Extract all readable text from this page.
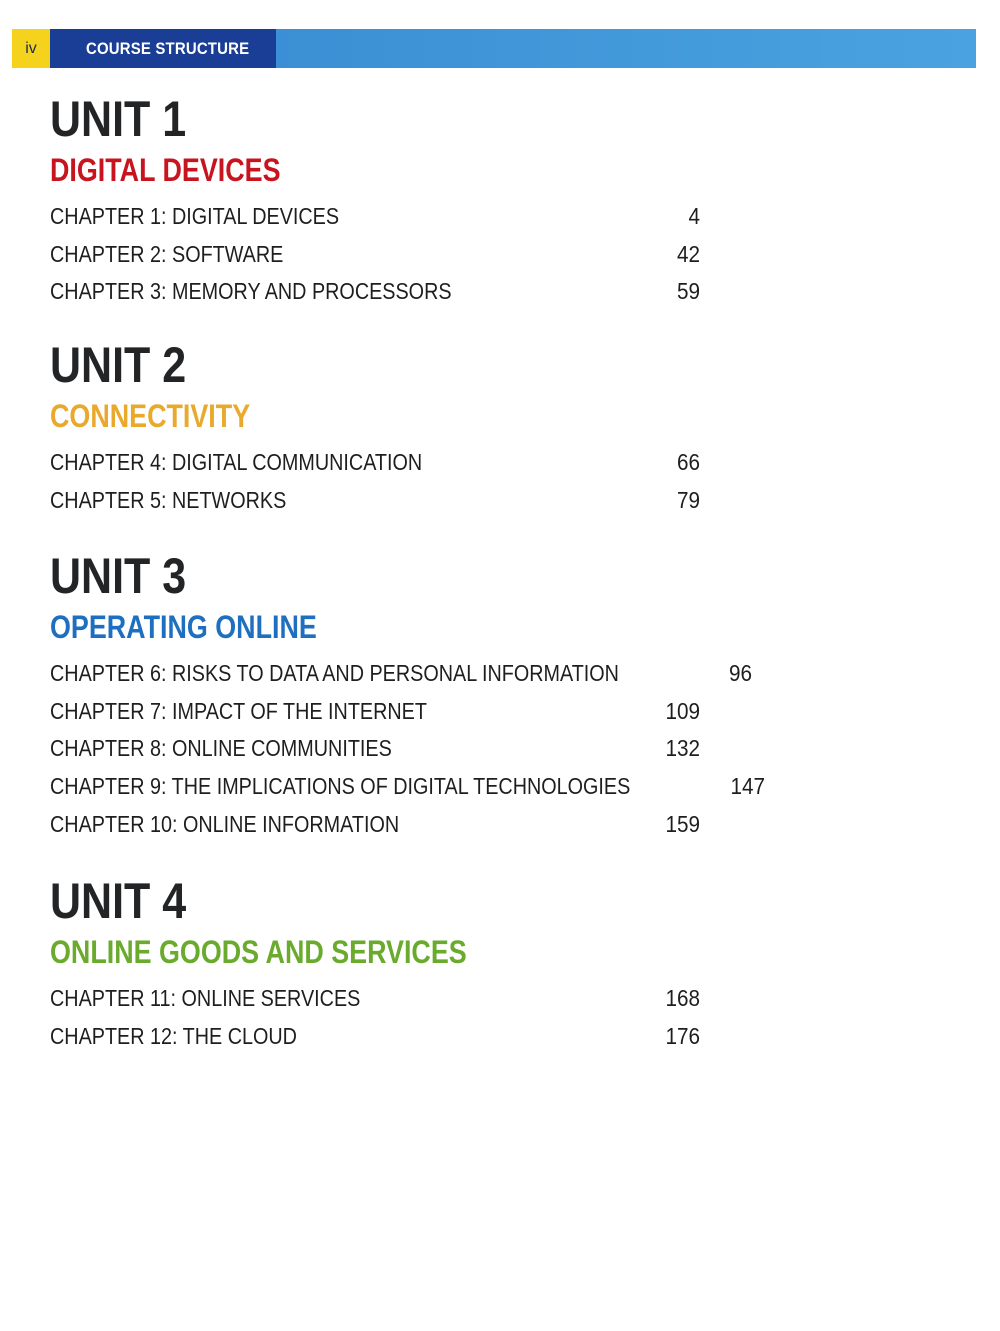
iv	COURSE STRUCTURE
UNIT 1
DIGITAL DEVICES
CHAPTER 1: DIGITAL DEVICES	4
CHAPTER 2: SOFTWARE	42
CHAPTER 3: MEMORY AND PROCESSORS	59
UNIT 2
CONNECTIVITY
CHAPTER 4: DIGITAL COMMUNICATION	66
CHAPTER 5: NETWORKS	79
UNIT 3
OPERATING ONLINE
CHAPTER 6: RISKS TO DATA AND PERSONAL INFORMATION	96
CHAPTER 7: IMPACT OF THE INTERNET	109
CHAPTER 8: ONLINE COMMUNITIES	132
CHAPTER 9: THE IMPLICATIONS OF DIGITAL TECHNOLOGIES	147
CHAPTER 10: ONLINE INFORMATION	159
UNIT 4
ONLINE GOODS AND SERVICES
CHAPTER 11: ONLINE SERVICES	168
CHAPTER 12: THE CLOUD	176
